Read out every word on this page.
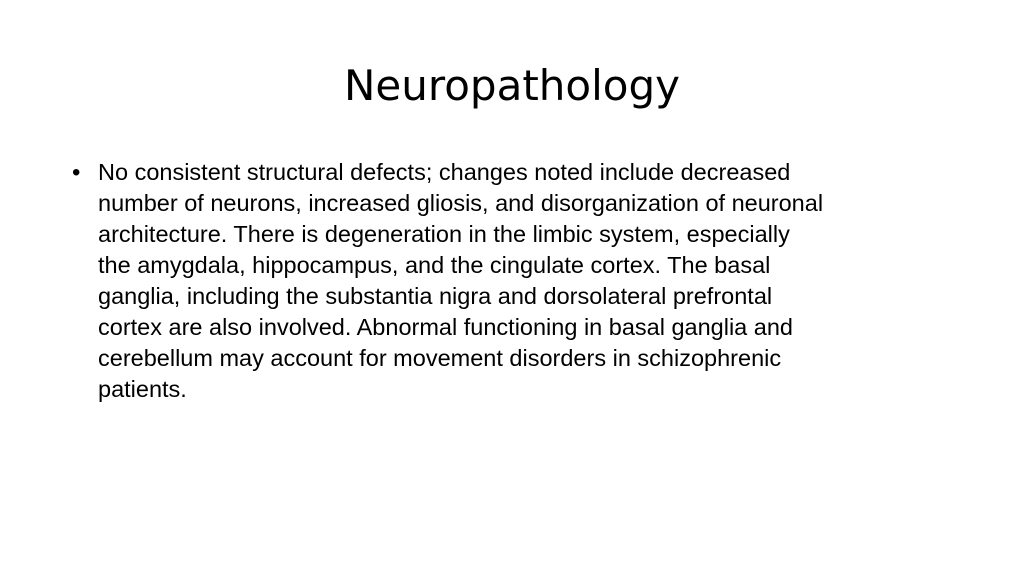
Neuropathology
• No consistent structural defects; changes noted include decreased
number of neurons, increased gliosis, and disorganization of neuronal
architecture. There is degeneration in the limbic system, especially
the amygdala, hippocampus, and the cingulate cortex. The basal
ganglia, including the substantia nigra and dorsolateral prefrontal
cortex are also involved. Abnormal functioning in basal ganglia and
cerebellum may account for movement disorders in schizophrenic
patients.
